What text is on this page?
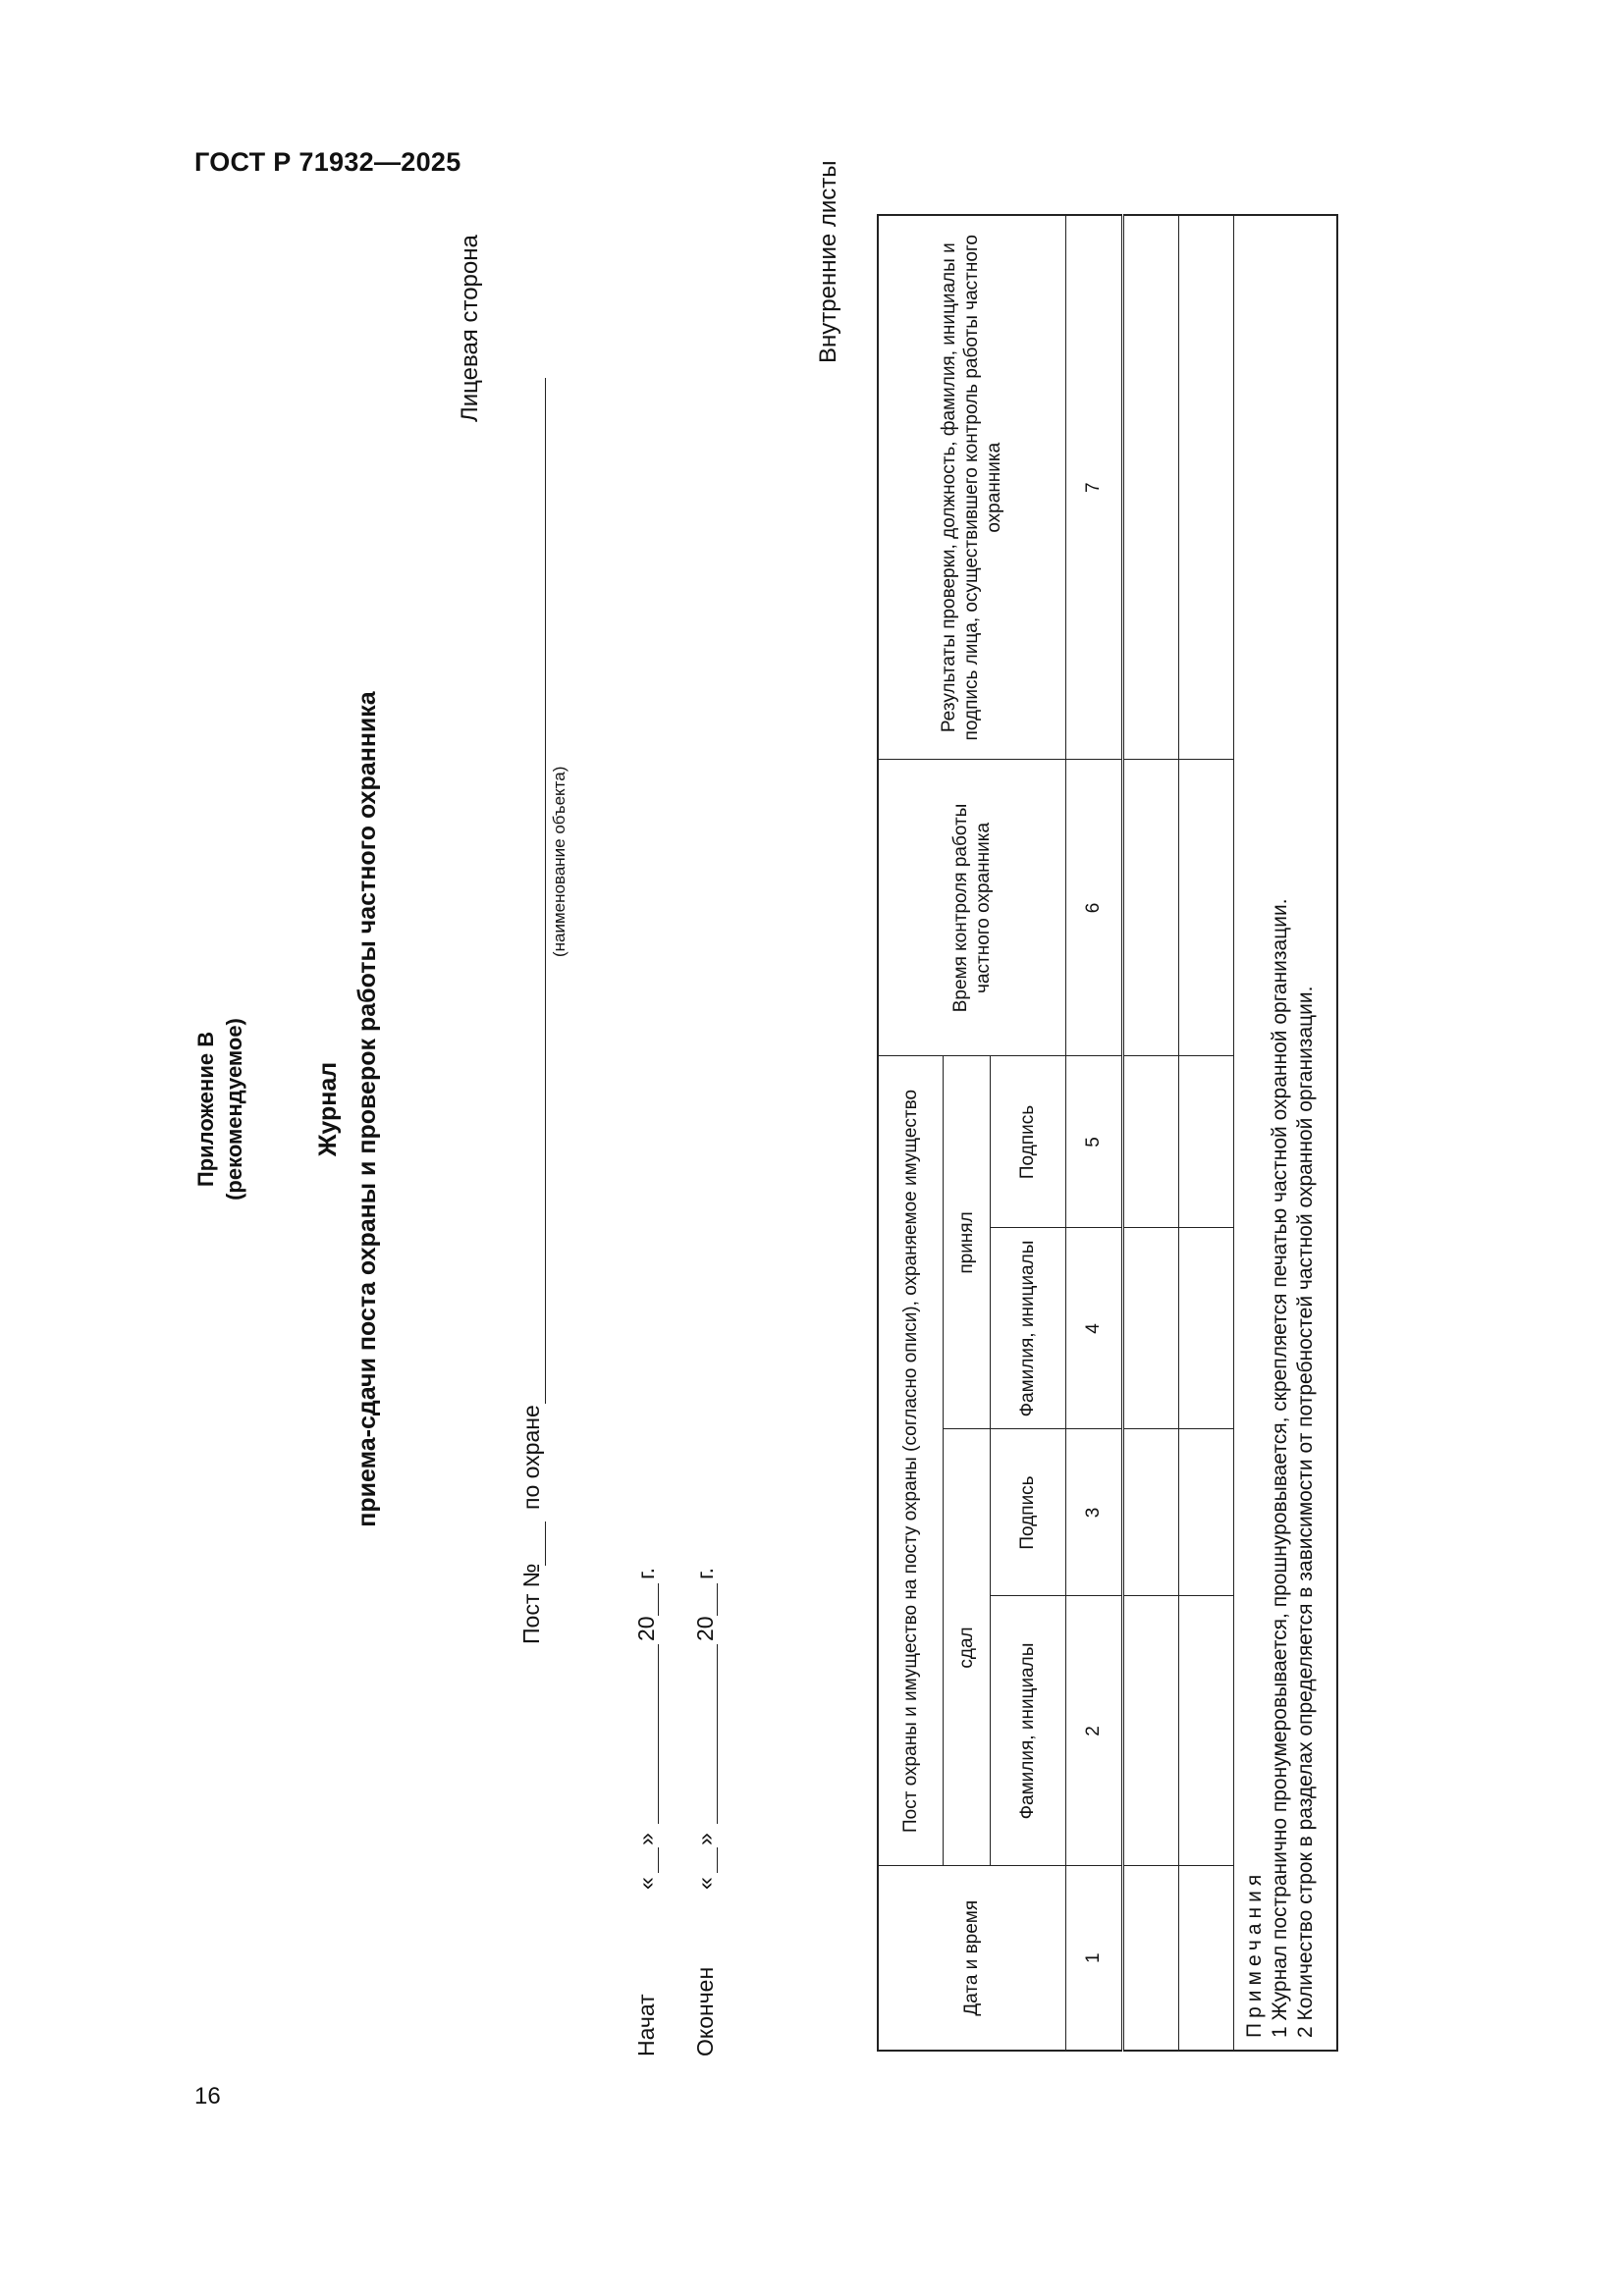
ГОСТ Р 71932—2025
16
Приложение В (рекомендуемое)	Журнал приема-сдачи поста охраны и проверок работы частного охранника
Лицевая сторона
Пост №
по охране
(наименование объекта)
Начат
«
»
20
г.
Окончен
«
»
20
г.
Внутренние листы
Дата и время	Пост охраны и имущество на посту охраны (согласно описи), охраняемое имущество				Время контроля работы частного охранника	Результаты проверки, должность, фамилия, инициалы и подпись лица, осуществившего контроль работы частного охранника
	сдал		принял			
	Фамилия, инициалы	Подпись	Фамилия, инициалы	Подпись		
1	2	3	4	5	6	7

Примечания 1 Журнал постранично пронумеровывается, прошнуровывается, скрепляется печатью частной охранной организации. 2 Количество строк в разделах определяется в зависимости от потребностей частной охранной организации.						
